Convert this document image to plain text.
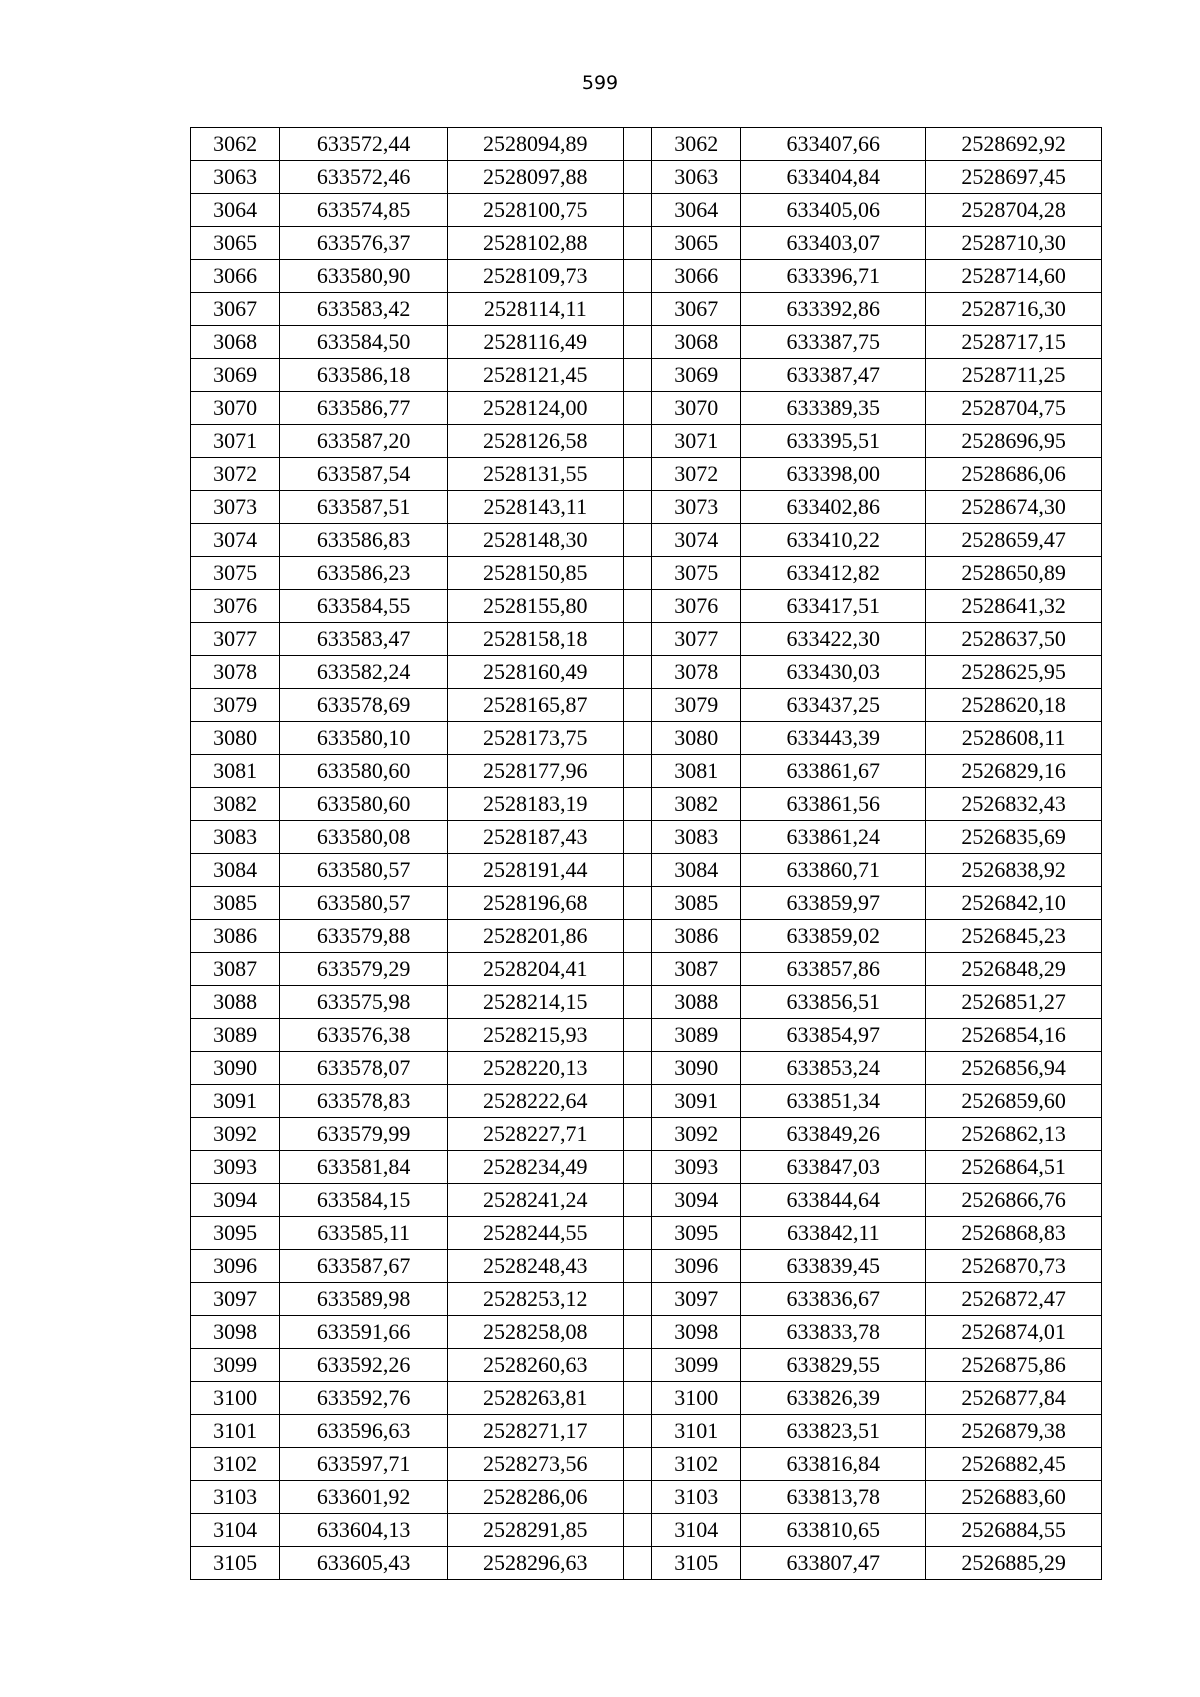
599
3062	633572,44	2528094,89		3062	633407,66	2528692,92
3063	633572,46	2528097,88		3063	633404,84	2528697,45
3064	633574,85	2528100,75		3064	633405,06	2528704,28
3065	633576,37	2528102,88		3065	633403,07	2528710,30
3066	633580,90	2528109,73		3066	633396,71	2528714,60
3067	633583,42	2528114,11		3067	633392,86	2528716,30
3068	633584,50	2528116,49		3068	633387,75	2528717,15
3069	633586,18	2528121,45		3069	633387,47	2528711,25
3070	633586,77	2528124,00		3070	633389,35	2528704,75
3071	633587,20	2528126,58		3071	633395,51	2528696,95
3072	633587,54	2528131,55		3072	633398,00	2528686,06
3073	633587,51	2528143,11		3073	633402,86	2528674,30
3074	633586,83	2528148,30		3074	633410,22	2528659,47
3075	633586,23	2528150,85		3075	633412,82	2528650,89
3076	633584,55	2528155,80		3076	633417,51	2528641,32
3077	633583,47	2528158,18		3077	633422,30	2528637,50
3078	633582,24	2528160,49		3078	633430,03	2528625,95
3079	633578,69	2528165,87		3079	633437,25	2528620,18
3080	633580,10	2528173,75		3080	633443,39	2528608,11
3081	633580,60	2528177,96		3081	633861,67	2526829,16
3082	633580,60	2528183,19		3082	633861,56	2526832,43
3083	633580,08	2528187,43		3083	633861,24	2526835,69
3084	633580,57	2528191,44		3084	633860,71	2526838,92
3085	633580,57	2528196,68		3085	633859,97	2526842,10
3086	633579,88	2528201,86		3086	633859,02	2526845,23
3087	633579,29	2528204,41		3087	633857,86	2526848,29
3088	633575,98	2528214,15		3088	633856,51	2526851,27
3089	633576,38	2528215,93		3089	633854,97	2526854,16
3090	633578,07	2528220,13		3090	633853,24	2526856,94
3091	633578,83	2528222,64		3091	633851,34	2526859,60
3092	633579,99	2528227,71		3092	633849,26	2526862,13
3093	633581,84	2528234,49		3093	633847,03	2526864,51
3094	633584,15	2528241,24		3094	633844,64	2526866,76
3095	633585,11	2528244,55		3095	633842,11	2526868,83
3096	633587,67	2528248,43		3096	633839,45	2526870,73
3097	633589,98	2528253,12		3097	633836,67	2526872,47
3098	633591,66	2528258,08		3098	633833,78	2526874,01
3099	633592,26	2528260,63		3099	633829,55	2526875,86
3100	633592,76	2528263,81		3100	633826,39	2526877,84
3101	633596,63	2528271,17		3101	633823,51	2526879,38
3102	633597,71	2528273,56		3102	633816,84	2526882,45
3103	633601,92	2528286,06		3103	633813,78	2526883,60
3104	633604,13	2528291,85		3104	633810,65	2526884,55
3105	633605,43	2528296,63		3105	633807,47	2526885,29
